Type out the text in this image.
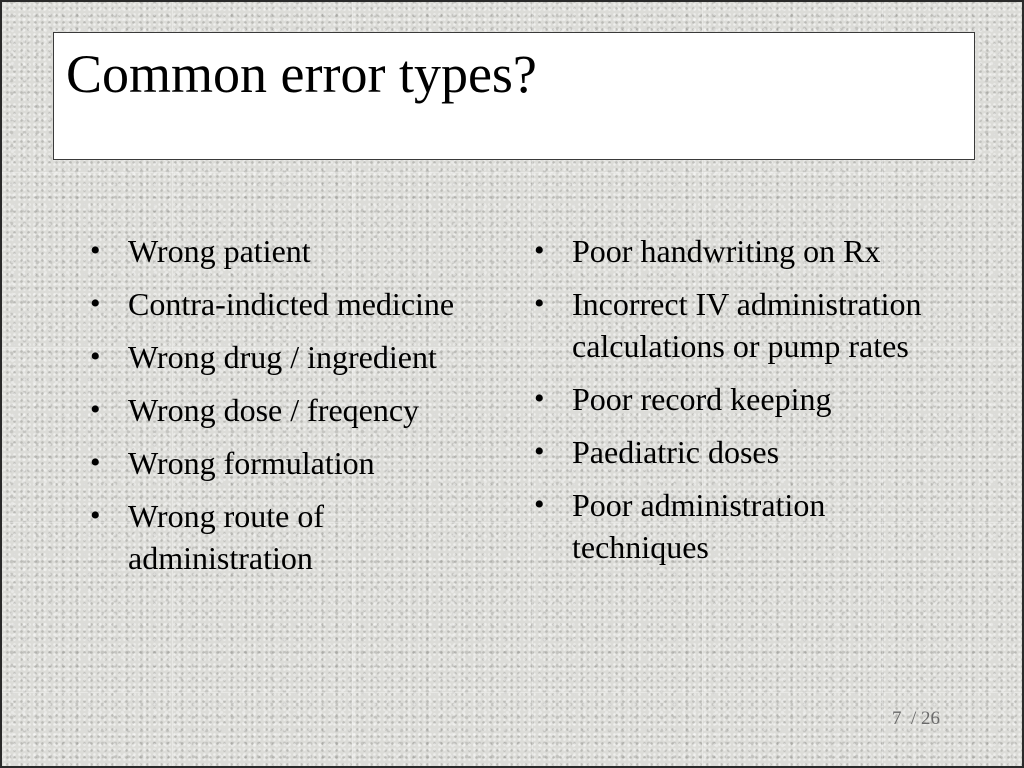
Common error types?
• Wrong patient
• Contra-indicted medicine
• Wrong drug / ingredient
• Wrong dose / freqency
• Wrong formulation
• Wrong route of administration
• Poor handwriting on Rx
• Incorrect IV administration calculations or pump rates
• Poor record keeping
• Paediatric doses
• Poor administration techniques
7  / 26
